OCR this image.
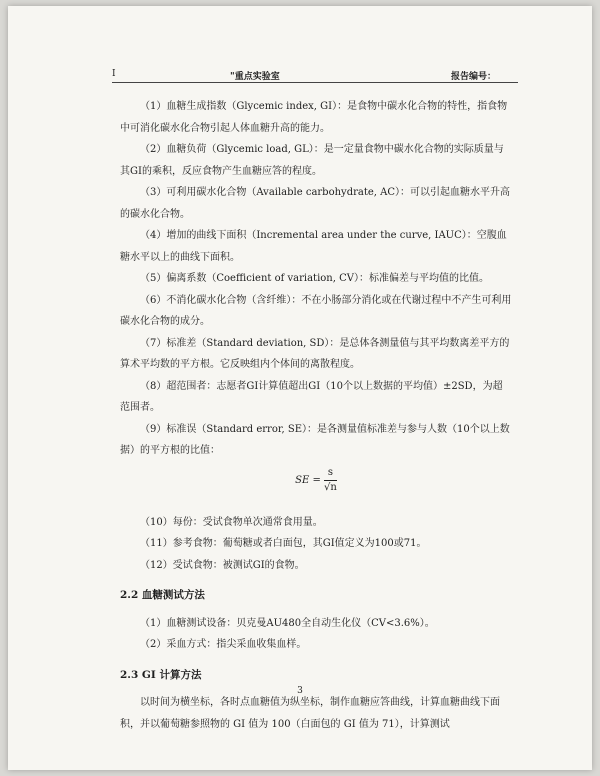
I	"重点实验室	报告编号：

（1）血糖生成指数（Glycemic index, GI）：是食物中碳水化合物的特性，指食物中可消化碳水化合物引起人体血糖升高的能力。

（2）血糖负荷（Glycemic load, GL）：是一定量食物中碳水化合物的实际质量与其GI的乘积，反应食物产生血糖应答的程度。

（3）可利用碳水化合物（Available carbohydrate, AC）：可以引起血糖水平升高的碳水化合物。

（4）增加的曲线下面积（Incremental area under the curve, IAUC）：空腹血糖水平以上的曲线下面积。

（5）偏离系数（Coefficient of variation, CV）：标准偏差与平均值的比值。

（6）不消化碳水化合物（含纤维）：不在小肠部分消化或在代谢过程中不产生可利用碳水化合物的成分。

（7）标准差（Standard deviation, SD）：是总体各测量值与其平均数离差平方的算术平均数的平方根。它反映组内个体间的离散程度。

（8）超范围者：志愿者GI计算值超出GI（10个以上数据的平均值）±2SD，为超范围者。

（9）标准误（Standard error, SE）：是各测量值标准差与参与人数（10个以上数据）的平方根的比值：

SE = $\frac{s}{√n}$

（10）每份：受试食物单次通常食用量。

（11）参考食物：葡萄糖或者白面包，其GI值定义为100或71。

（12）受试食物：被测试GI的食物。

2.2 血糖测试方法

（1）血糖测试设备：贝克曼AU480全自动生化仪（CV<3.6%）。

（2）采血方式：指尖采血收集血样。

2.3 GI 计算方法

以时间为横坐标，各时点血糖值为纵坐标，制作血糖应答曲线，计算血糖曲线下面积，并以葡萄糖参照物的 GI 值为 100（白面包的 GI 值为 71），计算测试

3
